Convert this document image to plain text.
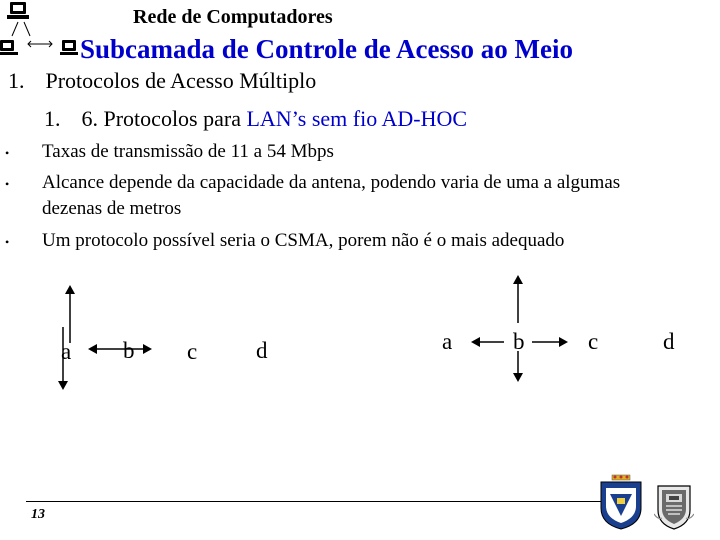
Rede de Computadores
Subcamada de Controle de Acesso ao Meio
1. Protocolos de Acesso Múltiplo
1. 6. Protocolos para LAN’s sem fio AD-HOC
• Taxas de transmissão de 11 a 54 Mbps
• Alcance depende da capacidade da antena, podendo varia de uma a algumas
dezenas de metros
• Um protocolo possível seria o CSMA, porem não é o mais adequado
a b c	d	a	b	c	d
13
